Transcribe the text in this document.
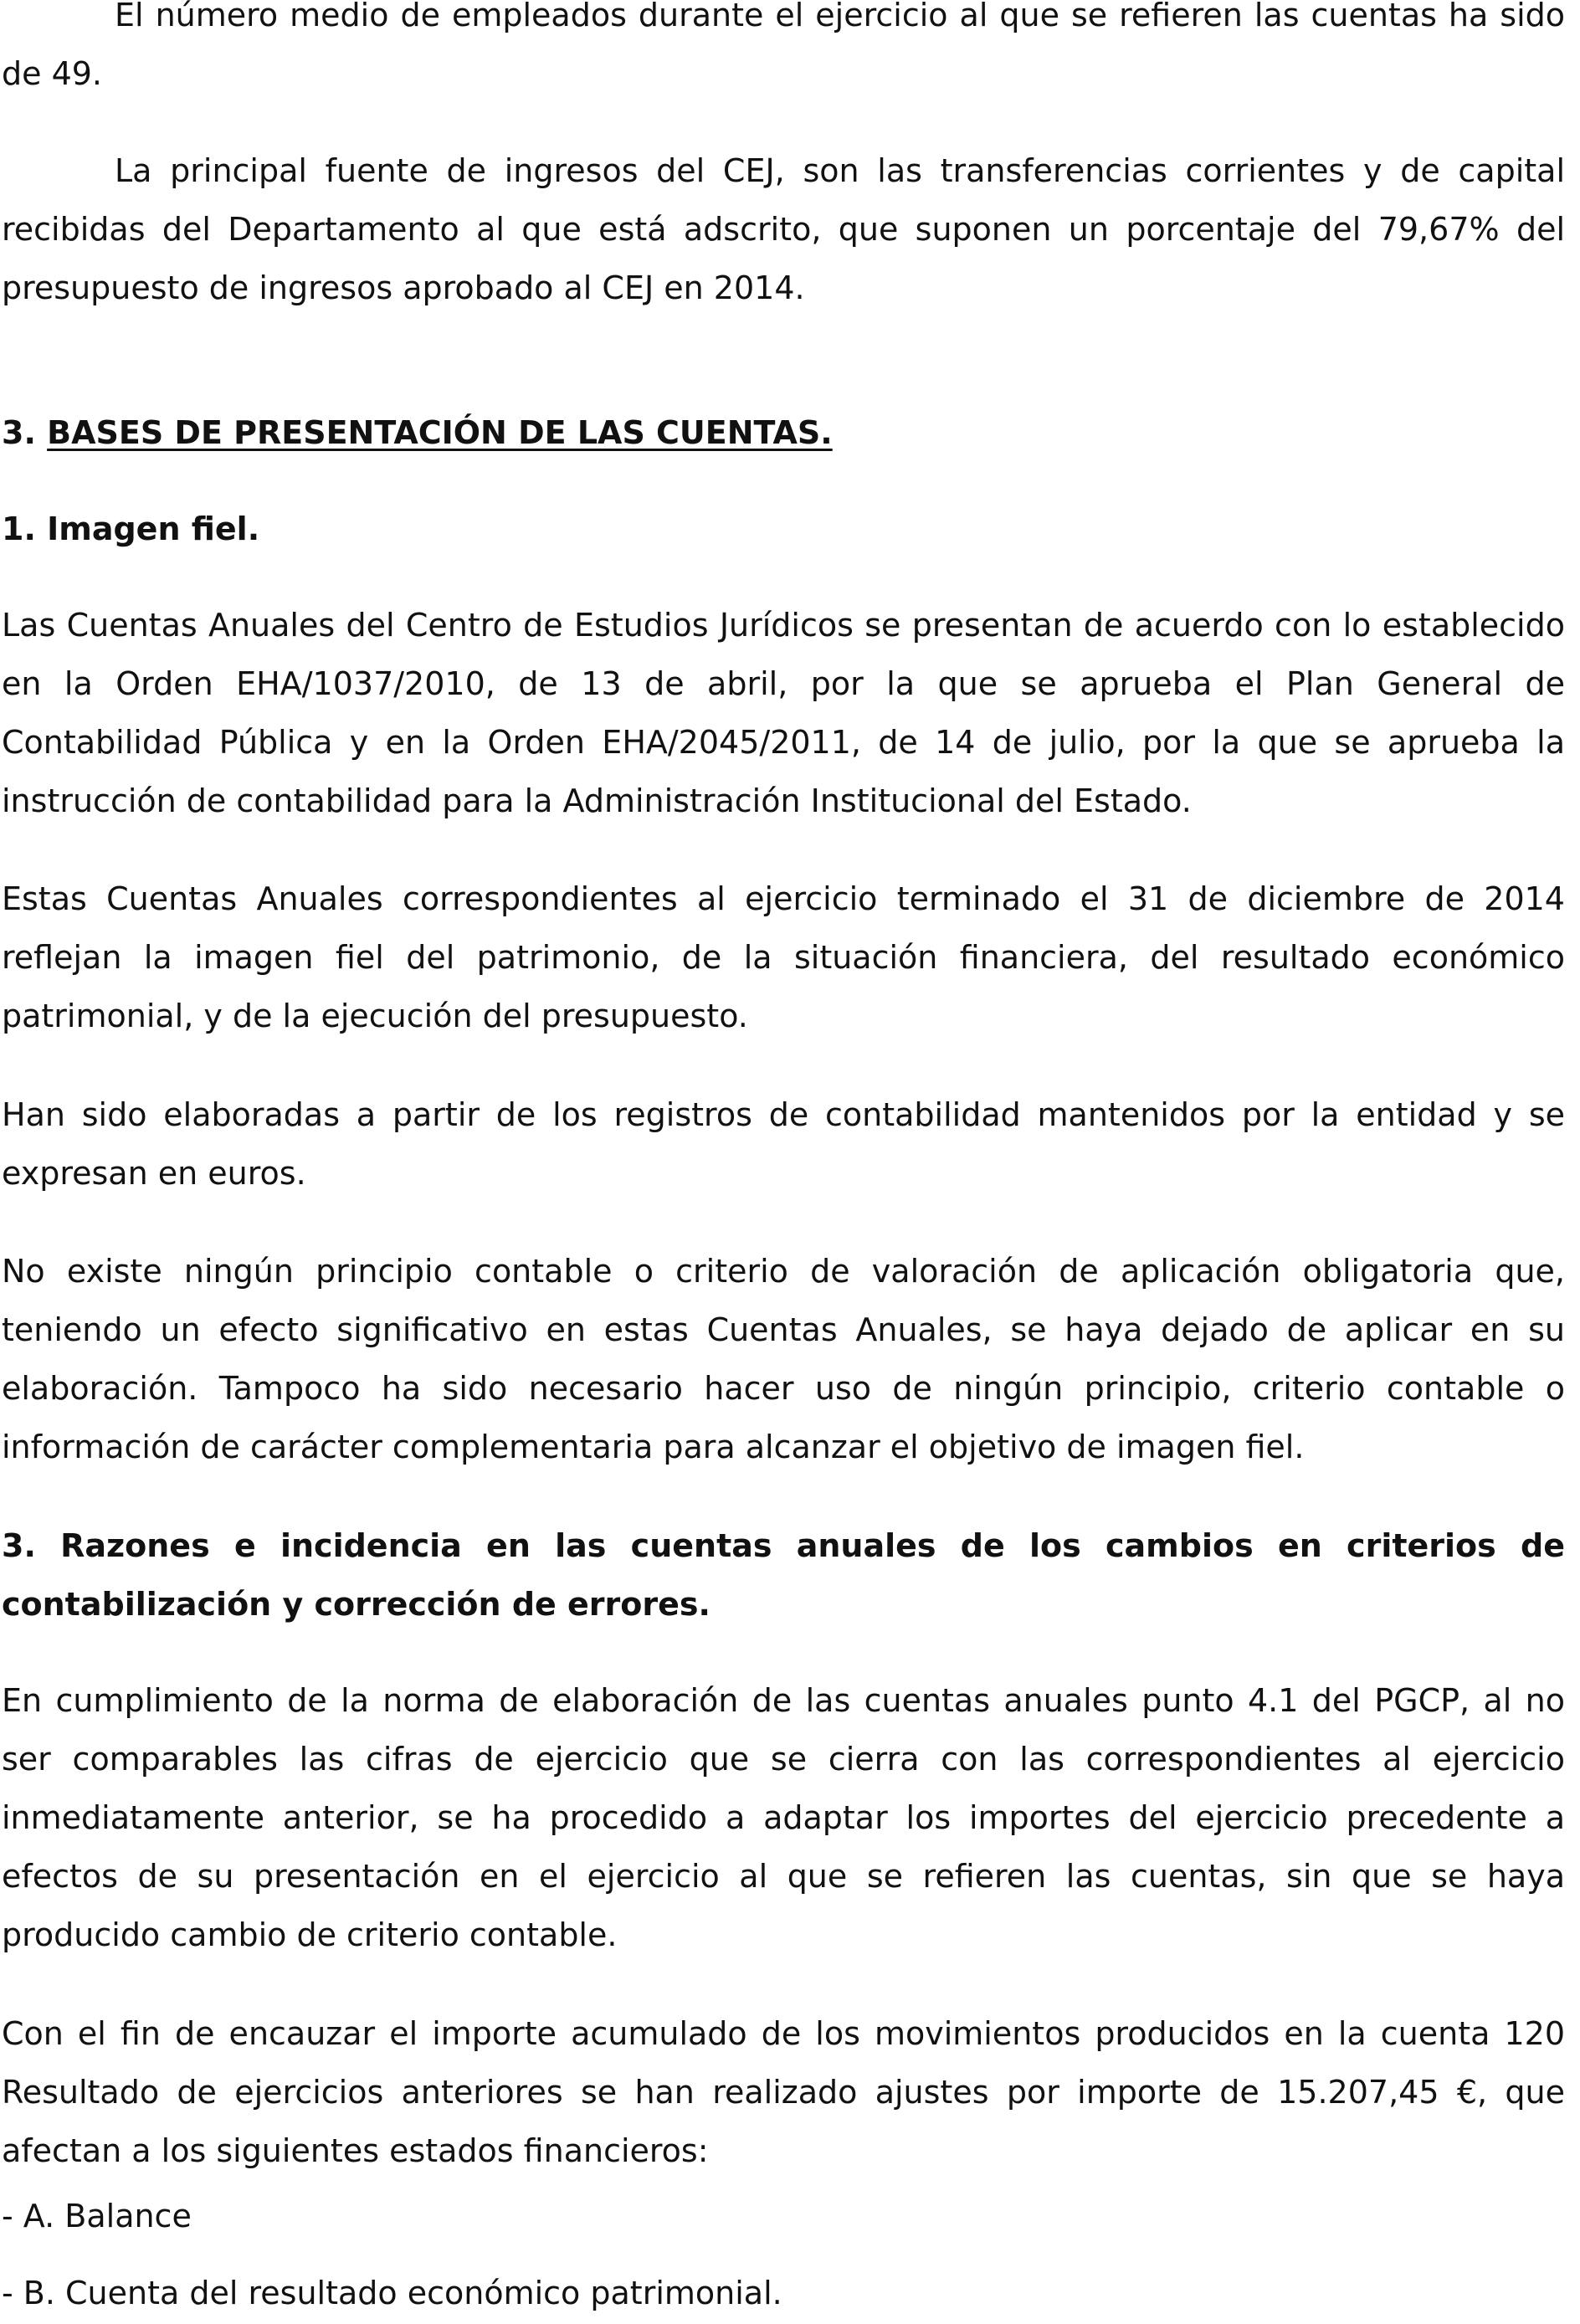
El número medio de empleados durante el ejercicio al que se refieren las cuentas ha sido de 49.

La principal fuente de ingresos del CEJ, son las transferencias corrientes y de capital recibidas del Departamento al que está adscrito, que suponen un porcentaje del 79,67% del presupuesto de ingresos aprobado al CEJ en 2014.

3. BASES DE PRESENTACIÓN DE LAS CUENTAS.

1. Imagen fiel.

Las Cuentas Anuales del Centro de Estudios Jurídicos se presentan de acuerdo con lo establecido en la Orden EHA/1037/2010, de 13 de abril, por la que se aprueba el Plan General de Contabilidad Pública y en la Orden EHA/2045/2011, de 14 de julio, por la que se aprueba la instrucción de contabilidad para la Administración Institucional del Estado.

Estas Cuentas Anuales correspondientes al ejercicio terminado el 31 de diciembre de 2014 reflejan la imagen fiel del patrimonio, de la situación financiera, del resultado económico patrimonial, y de la ejecución del presupuesto.

Han sido elaboradas a partir de los registros de contabilidad mantenidos por la entidad y se expresan en euros.

No existe ningún principio contable o criterio de valoración de aplicación obligatoria que, teniendo un efecto significativo en estas Cuentas Anuales, se haya dejado de aplicar en su elaboración. Tampoco ha sido necesario hacer uso de ningún principio, criterio contable o información de carácter complementaria para alcanzar el objetivo de imagen fiel.

3. Razones e incidencia en las cuentas anuales de los cambios en criterios de contabilización y corrección de errores.

En cumplimiento de la norma de elaboración de las cuentas anuales punto 4.1 del PGCP, al no ser comparables las cifras de ejercicio que se cierra con las correspondientes al ejercicio inmediatamente anterior, se ha procedido a adaptar los importes del ejercicio precedente a efectos de su presentación en el ejercicio al que se refieren las cuentas, sin que se haya producido cambio de criterio contable.

Con el fin de encauzar el importe acumulado de los movimientos producidos en la cuenta 120 Resultado de ejercicios anteriores se han realizado ajustes por importe de 15.207,45 €, que afectan a los siguientes estados financieros:

- A. Balance

- B. Cuenta del resultado económico patrimonial.
